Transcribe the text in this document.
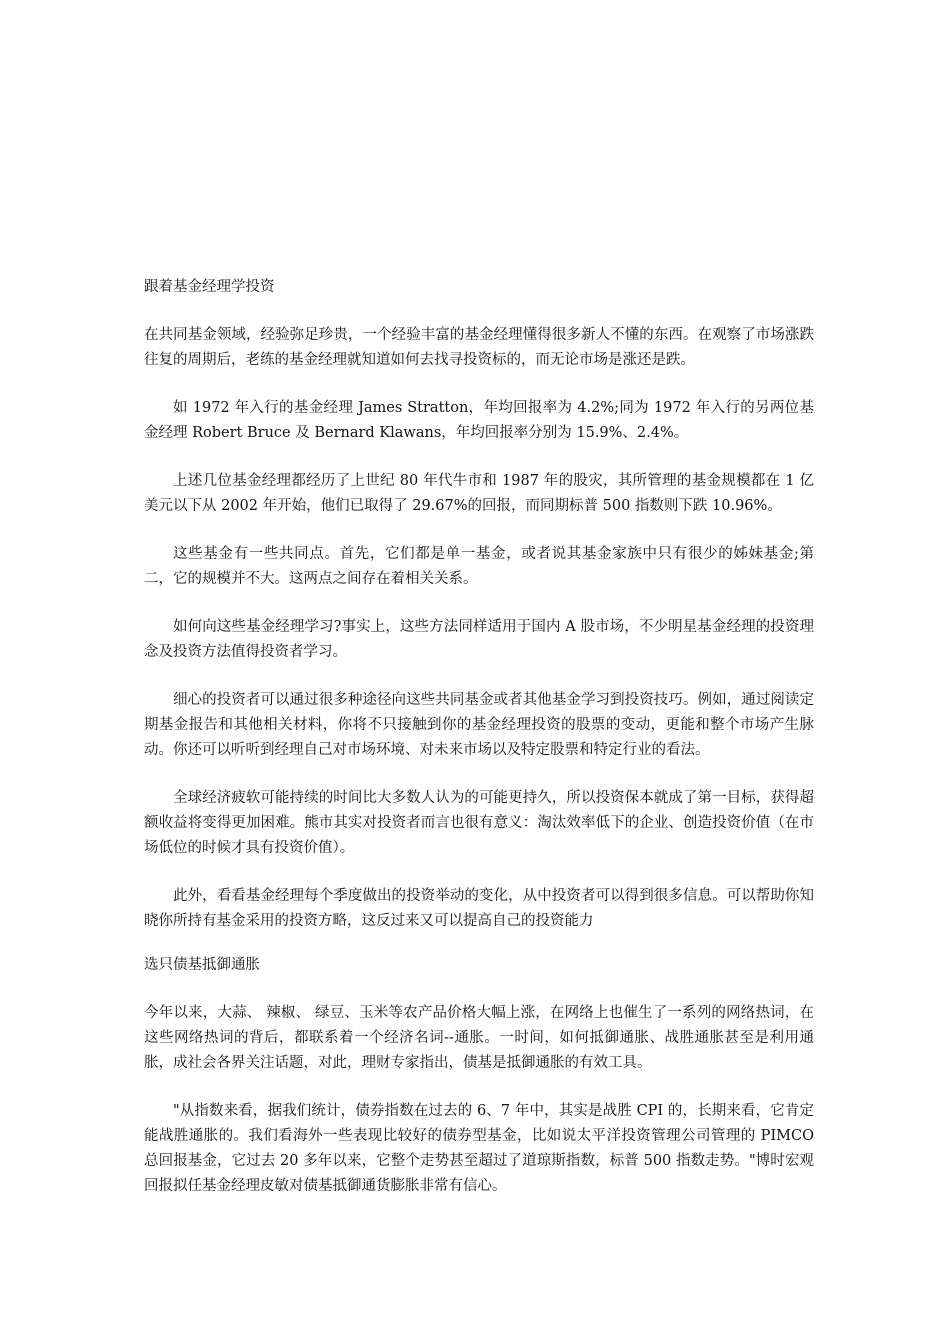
跟着基金经理学投资

在共同基金领域，经验弥足珍贵，一个经验丰富的基金经理懂得很多新人不懂的东西。在观察了市场涨跌往复的周期后，老练的基金经理就知道如何去找寻投资标的，而无论市场是涨还是跌。

如 1972 年入行的基金经理 James Stratton，年均回报率为 4.2%;同为 1972 年入行的另两位基金经理 Robert Bruce 及 Bernard Klawans，年均回报率分别为 15.9%、2.4%。

上述几位基金经理都经历了上世纪 80 年代牛市和 1987 年的股灾，其所管理的基金规模都在 1 亿美元以下从 2002 年开始，他们已取得了 29.67%的回报，而同期标普 500 指数则下跌 10.96%。

这些基金有一些共同点。首先，它们都是单一基金，或者说其基金家族中只有很少的姊妹基金;第二，它的规模并不大。这两点之间存在着相关关系。

如何向这些基金经理学习?事实上，这些方法同样适用于国内 A 股市场，不少明星基金经理的投资理念及投资方法值得投资者学习。

细心的投资者可以通过很多种途径向这些共同基金或者其他基金学习到投资技巧。例如，通过阅读定期基金报告和其他相关材料，你将不只接触到你的基金经理投资的股票的变动，更能和整个市场产生脉动。你还可以听听到经理自己对市场环境、对未来市场以及特定股票和特定行业的看法。

全球经济疲软可能持续的时间比大多数人认为的可能更持久，所以投资保本就成了第一目标，获得超额收益将变得更加困难。熊市其实对投资者而言也很有意义：淘汰效率低下的企业、创造投资价值（在市场低位的时候才具有投资价值）。

此外，看看基金经理每个季度做出的投资举动的变化，从中投资者可以得到很多信息。可以帮助你知晓你所持有基金采用的投资方略，这反过来又可以提高自己的投资能力

选只债基抵御通胀

今年以来，大蒜、 辣椒、 绿豆、玉米等农产品价格大幅上涨，在网络上也催生了一系列的网络热词，在这些网络热词的背后，都联系着一个经济名词--通胀。一时间，如何抵御通胀、战胜通胀甚至是利用通胀，成社会各界关注话题，对此，理财专家指出，债基是抵御通胀的有效工具。

"从指数来看，据我们统计，债券指数在过去的 6、7 年中，其实是战胜 CPI 的，长期来看，它肯定能战胜通胀的。我们看海外一些表现比较好的债券型基金，比如说太平洋投资管理公司管理的 PIMCO 总回报基金，它过去 20 多年以来，它整个走势甚至超过了道琼斯指数，标普 500 指数走势。"博时宏观回报拟任基金经理皮敏对债基抵御通货膨胀非常有信心。
